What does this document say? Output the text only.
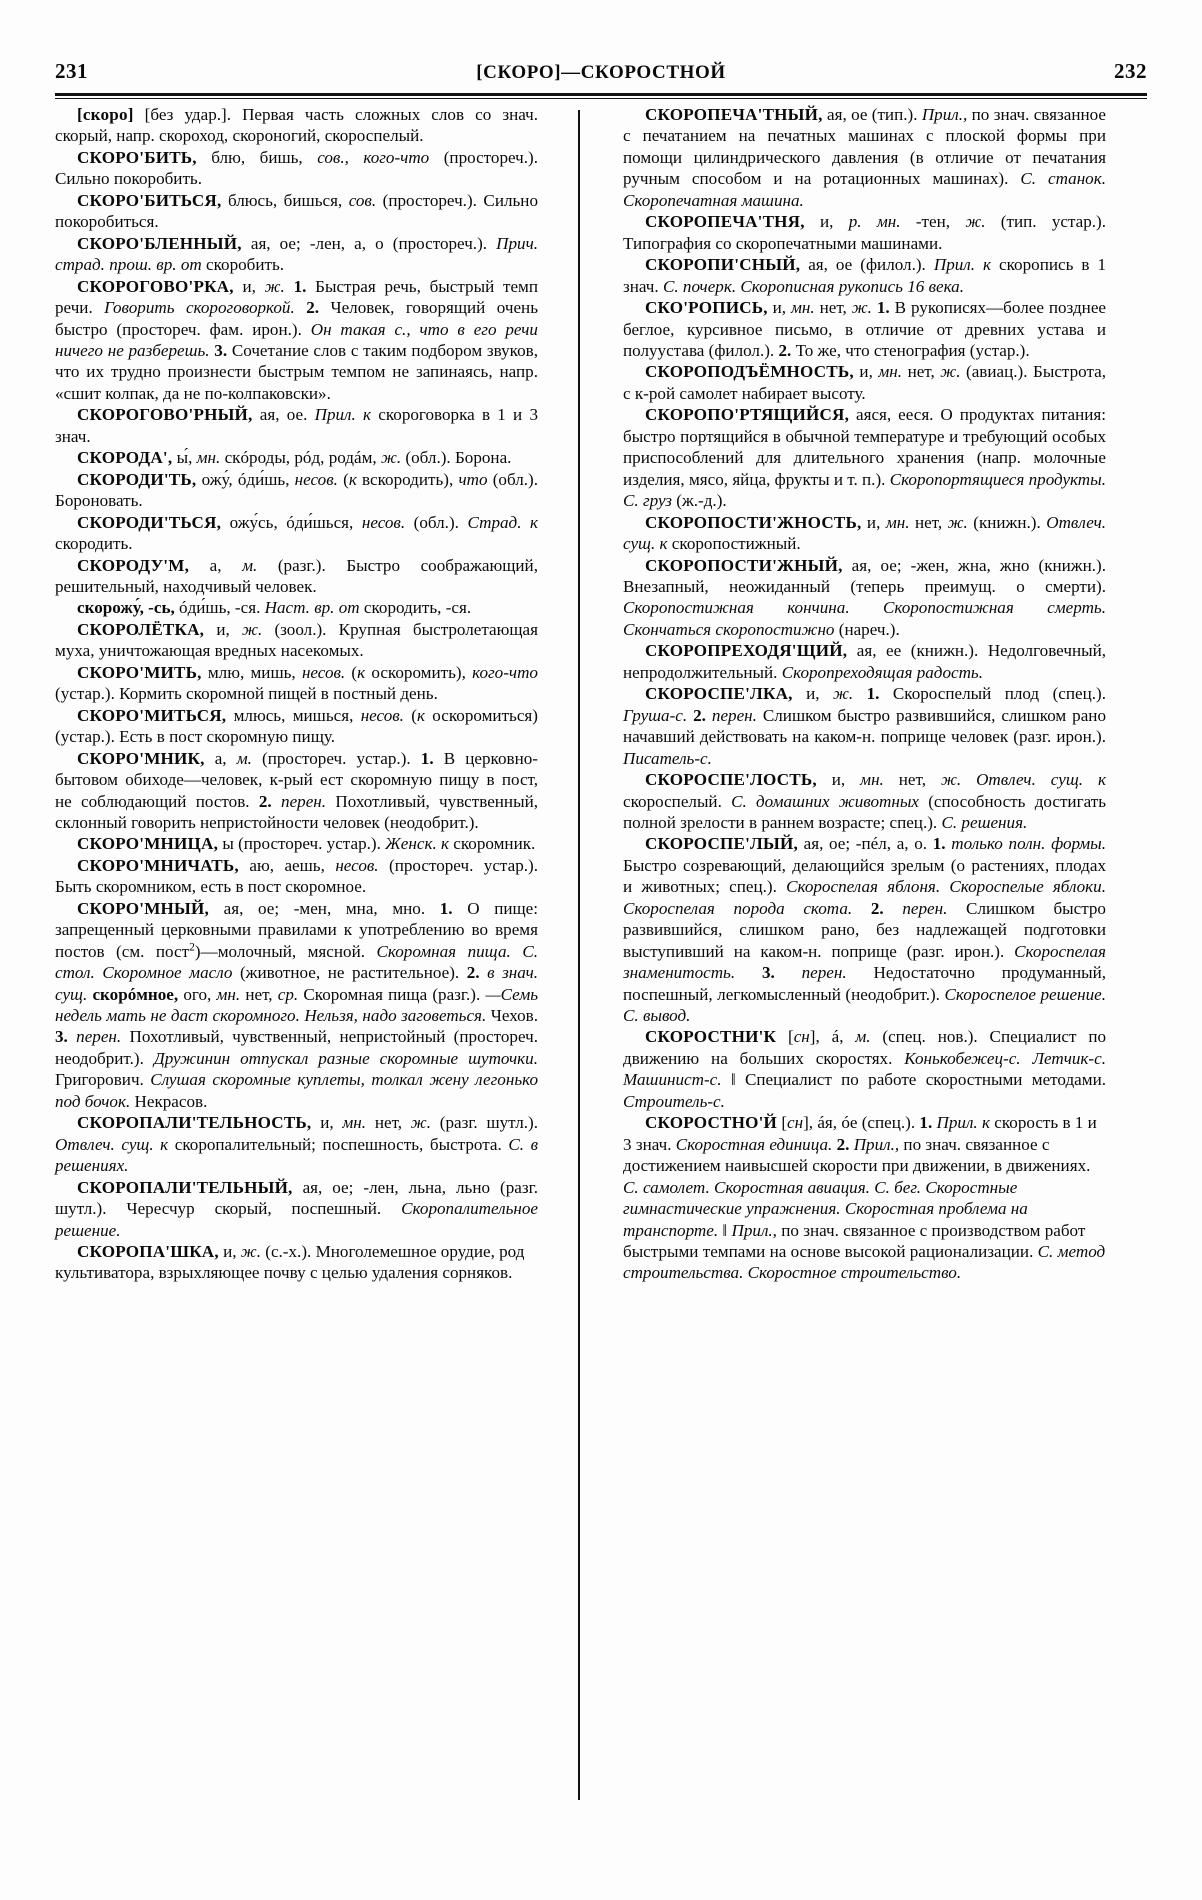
231	[СКОРО]—СКОРОСТНОЙ	232

[скоро] [без удар.]. Первая часть сложных слов со знач. скорый, напр. скороход, скороногий, скороспелый.

СКОРО'БИТЬ, блю, бишь, сов., кого-что (простореч.). Сильно покоробить.

СКОРО'БИТЬСЯ, блюсь, бишься, сов. (простореч.). Сильно покоробиться.

СКОРО'БЛЕННЫЙ, ая, ое; -лен, а, о (простореч.). Прич. страд. прош. вр. от скоробить.

СКОРОГОВО'РКА, и, ж. 1. Быстрая речь, быстрый темп речи. Говорить скороговоркой. 2. Человек, говорящий очень быстро (простореч. фам. ирон.). Он такая с., что в его речи ничего не разберешь. 3. Сочетание слов с таким подбором звуков, что их трудно произнести быстрым темпом не запинаясь, напр. «сшит колпак, да не по-колпаковски».

СКОРОГОВО'РНЫЙ, ая, ое. Прил. к скороговорка в 1 и 3 знач.

СКОРОДА', ы́, мн. скóроды, рóд, родáм, ж. (обл.). Борона.

СКОРОДИ'ТЬ, ожу́, óди́шь, несов. (к вскородить), что (обл.). Бороновать.

СКОРОДИ'ТЬСЯ, ожу́сь, óди́шься, несов. (обл.). Страд. к скородить.

СКОРОДУ'М, а, м. (разг.). Быстро соображающий, решительный, находчивый человек.

скорожу́, -сь, óди́шь, -ся. Наст. вр. от скородить, -ся.

СКОРОЛЁТКА, и, ж. (зоол.). Крупная быстролетающая муха, уничтожающая вредных насекомых.

СКОРО'МИТЬ, млю, мишь, несов. (к оскоромить), кого-что (устар.). Кормить скоромной пищей в постный день.

СКОРО'МИТЬСЯ, млюсь, мишься, несов. (к оскоромиться) (устар.). Есть в пост скоромную пищу.

СКОРО'МНИК, а, м. (простореч. устар.). 1. В церковно-бытовом обиходе—человек, к-рый ест скоромную пищу в пост, не соблюдающий постов. 2. перен. Похотливый, чувственный, склонный говорить непристойности человек (неодобрит.).

СКОРО'МНИЦА, ы (простореч. устар.). Женск. к скоромник.

СКОРО'МНИЧАТЬ, аю, аешь, несов. (простореч. устар.). Быть скоромником, есть в пост скоромное.

СКОРО'МНЫЙ, ая, ое; -мен, мна, мно. 1. О пище: запрещенный церковными правилами к употреблению во время постов (см. пост$^2$)—молочный, мясной. Скоромная пища. С. стол. Скоромное масло (животное, не растительное). 2. в знач. сущ. скорóмное, ого, мн. нет, ср. Скоромная пища (разг.). —Семь недель мать не даст скоромного. Нельзя, надо заговеться. Чехов. 3. перен. Похотливый, чувственный, непристойный (простореч. неодобрит.). Дружинин отпускал разные скоромные шуточки. Григорович. Слушая скоромные куплеты, толкал жену легонько под бочок. Некрасов.

СКОРОПАЛИ'ТЕЛЬНОСТЬ, и, мн. нет, ж. (разг. шутл.). Отвлеч. сущ. к скоропалительный; поспешность, быстрота. С. в решениях.

СКОРОПАЛИ'ТЕЛЬНЫЙ, ая, ое; -лен, льна, льно (разг. шутл.). Чересчур скорый, поспешный. Скоропалительное решение.

СКОРОПА'ШКА, и, ж. (с.-х.). Многолемешное орудие, род культиватора, взрыхляющее почву с целью удаления сорняков.

СКОРОПЕЧА'ТНЫЙ, ая, ое (тип.). Прил., по знач. связанное с печатанием на печатных машинах с плоской формы при помощи цилиндрического давления (в отличие от печатания ручным способом и на ротационных машинах). С. станок. Скоропечатная машина.

СКОРОПЕЧА'ТНЯ, и, р. мн. -тен, ж. (тип. устар.). Типография со скоропечатными машинами.

СКОРОПИ'СНЫЙ, ая, ое (филол.). Прил. к скоропись в 1 знач. С. почерк. Скорописная рукопись 16 века.

СКО'РОПИСЬ, и, мн. нет, ж. 1. В рукописях—более позднее беглое, курсивное письмо, в отличие от древних устава и полуустава (филол.). 2. То же, что стенография (устар.).

СКОРОПОДЪЁМНОСТЬ, и, мн. нет, ж. (авиац.). Быстрота, с к-рой самолет набирает высоту.

СКОРОПО'РТЯЩИЙСЯ, аяся, ееся. О продуктах питания: быстро портящийся в обычной температуре и требующий особых приспособлений для длительного хранения (напр. молочные изделия, мясо, яйца, фрукты и т. п.). Скоропортящиеся продукты. С. груз (ж.-д.).

СКОРОПОСТИ'ЖНОСТЬ, и, мн. нет, ж. (книжн.). Отвлеч. сущ. к скоропостижный.

СКОРОПОСТИ'ЖНЫЙ, ая, ое; -жен, жна, жно (книжн.). Внезапный, неожиданный (теперь преимущ. о смерти). Скоропостижная кончина. Скоропостижная смерть. Скончаться скоропостижно (нареч.).

СКОРОПРЕХОДЯ'ЩИЙ, ая, ее (книжн.). Недолговечный, непродолжительный. Скоропреходящая радость.

СКОРОСПЕ'ЛКА, и, ж. 1. Скороспелый плод (спец.). Груша-с. 2. перен. Слишком быстро развившийся, слишком рано начавший действовать на каком-н. поприще человек (разг. ирон.). Писатель-с.

СКОРОСПЕ'ЛОСТЬ, и, мн. нет, ж. Отвлеч. сущ. к скороспелый. С. домашних животных (способность достигать полной зрелости в раннем возрасте; спец.). С. решения.

СКОРОСПЕ'ЛЫЙ, ая, ое; -пéл, а, о. 1. только полн. формы. Быстро созревающий, делающийся зрелым (о растениях, плодах и животных; спец.). Скороспелая яблоня. Скороспелые яблоки. Скороспелая порода скота. 2. перен. Слишком быстро развившийся, слишком рано, без надлежащей подготовки выступивший на каком-н. поприще (разг. ирон.). Скороспелая знаменитость. 3. перен. Недостаточно продуманный, поспешный, легкомысленный (неодобрит.). Скороспелое решение. С. вывод.

СКОРОСТНИ'К [сн], á, м. (спец. нов.). Специалист по движению на больших скоростях. Конькобежец-с. Летчик-с. Машинист-с. ‖ Специалист по работе скоростными методами. Строитель-с.

СКОРОСТНО'Й [сн], áя, óе (спец.). 1. Прил. к скорость в 1 и 3 знач. Скоростная единица. 2. Прил., по знач. связанное с достижением наивысшей скорости при движении, в движениях. С. самолет. Скоростная авиация. С. бег. Скоростные гимнастические упражнения. Скоростная проблема на транспорте. ‖ Прил., по знач. связанное с производством работ быстрыми темпами на основе высокой рационализации. С. метод строительства. Скоростное строительство.
